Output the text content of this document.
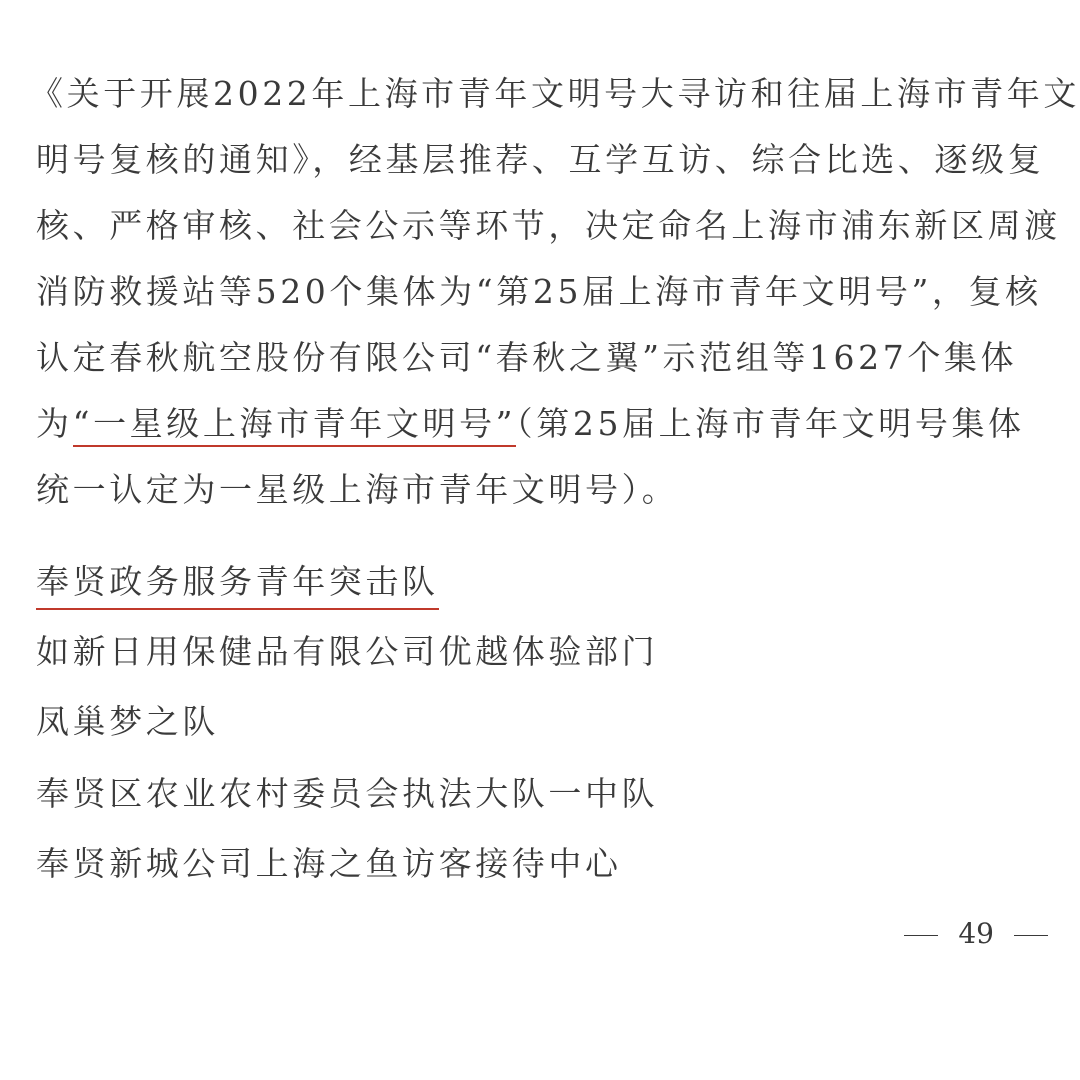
《关于开展2022年上海市青年文明号大寻访和往届上海市青年文
明号复核的通知》，经基层推荐、互学互访、综合比选、逐级复
核、严格审核、社会公示等环节，决定命名上海市浦东新区周渡
消防救援站等520个集体为“第25届上海市青年文明号”，复核
认定春秋航空股份有限公司“春秋之翼”示范组等1627个集体
为“一星级上海市青年文明号”（第25届上海市青年文明号集体
统一认定为一星级上海市青年文明号）。
奉贤政务服务青年突击队
如新日用保健品有限公司优越体验部门
凤巢梦之队
奉贤区农业农村委员会执法大队一中队
奉贤新城公司上海之鱼访客接待中心
49
